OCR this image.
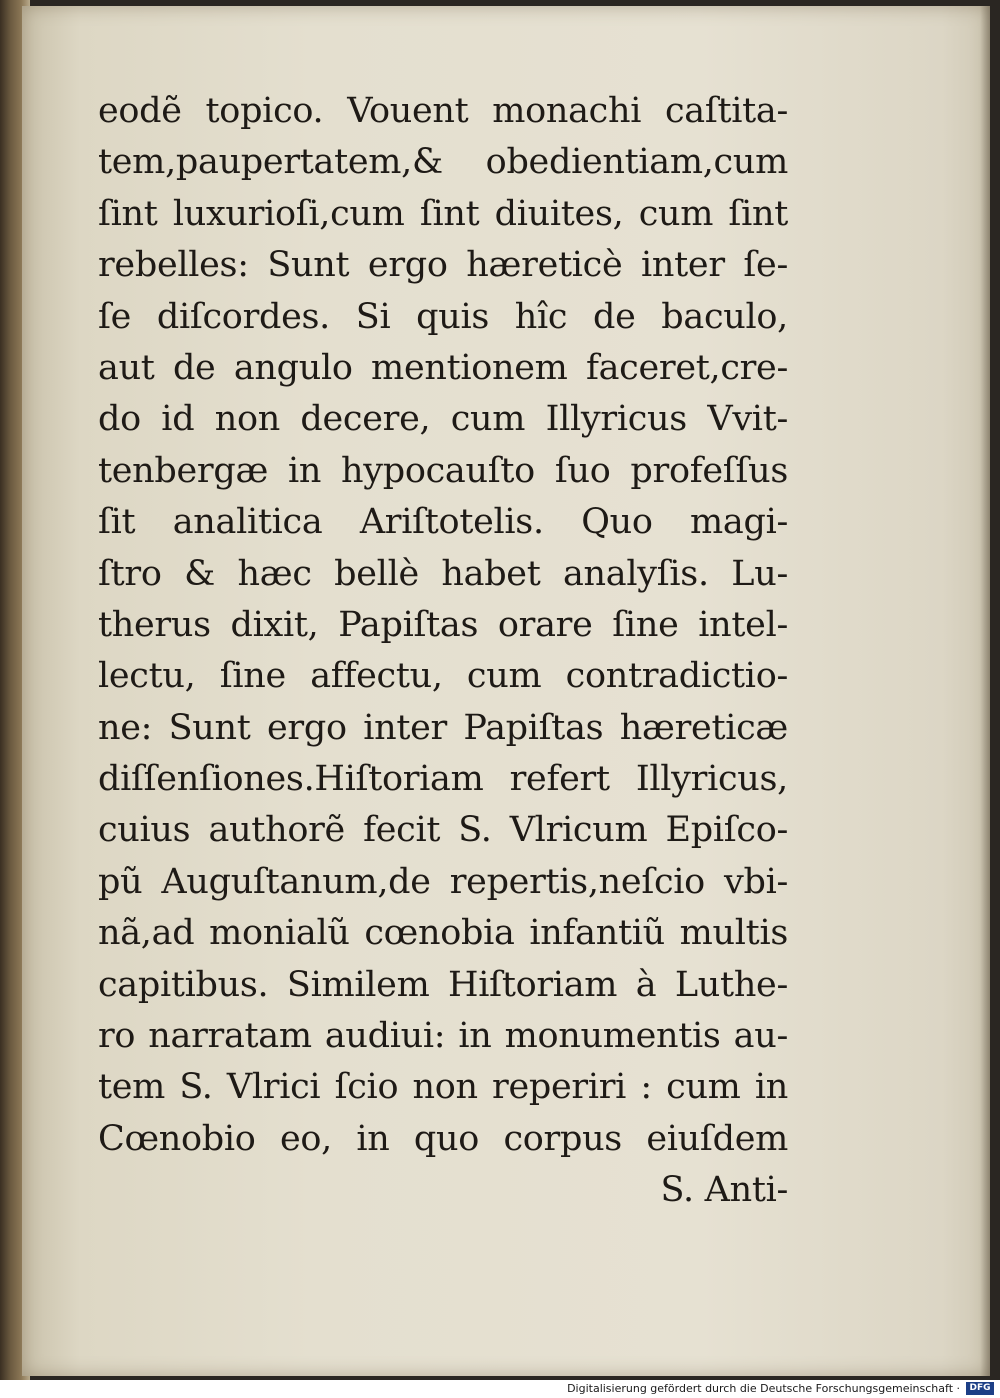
eodẽ topico. Vouent monachi caſtita-
tem,paupertatem,& obedientiam,cum
ſint luxurioſi,cum ſint diuites, cum ſint
rebelles: Sunt ergo hæreticè inter ſe-
ſe diſcordes. Si quis hîc de baculo,
aut de angulo mentionem faceret,cre-
do id non decere, cum Illyricus Vvit-
tenbergæ in hypocauſto ſuo profeſſus
ſit analitica Ariſtotelis. Quo magi-
ſtro & hæc bellè habet analyſis. Lu-
therus dixit, Papiſtas orare ſine intel-
lectu, ſine affectu, cum contradictio-
ne: Sunt ergo inter Papiſtas hæreticæ
diſſenſiones.Hiſtoriam refert Illyricus,
cuius authorẽ fecit S. Vlricum Epiſco-
pũ Auguſtanum,de repertis,neſcio vbi-
nã,ad monialũ cœnobia infantiũ multis
capitibus. Similem Hiſtoriam à Luthe-
ro narratam audiui: in monumentis au-
tem S. Vlrici ſcio non reperiri : cum in
Cœnobio eo, in quo corpus eiuſdem
S. Anti-
Digitalisierung gefördert durch die Deutsche Forschungsgemeinschaft ·	DFG
